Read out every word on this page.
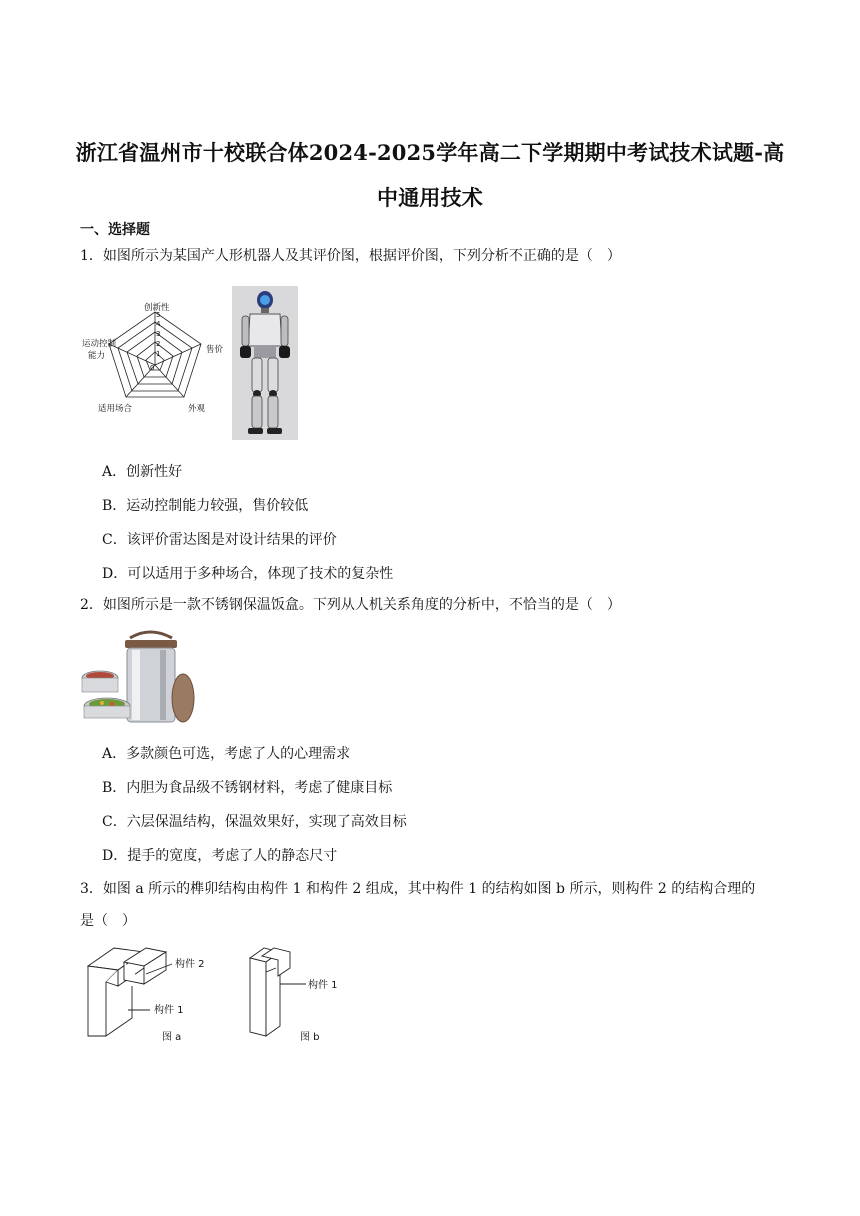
浙江省温州市十校联合体2024-2025学年高二下学期期中考试技术试题-高
中通用技术
一、选择题
1．如图所示为某国产人形机器人及其评价图，根据评价图，下列分析不正确的是（　）
0
1
2
3
4
5
创新性
售价
外观
适用场合
运动控制能力
A．创新性好
B．运动控制能力较强，售价较低
C．该评价雷达图是对设计结果的评价
D．可以适用于多种场合，体现了技术的复杂性
2．如图所示是一款不锈钢保温饭盒。下列从人机关系角度的分析中，不恰当的是（　）
A．多款颜色可选，考虑了人的心理需求
B．内胆为食品级不锈钢材料，考虑了健康目标
C．六层保温结构，保温效果好，实现了高效目标
D．提手的宽度，考虑了人的静态尺寸
3．如图 a 所示的榫卯结构由构件 1 和构件 2 组成，其中构件 1 的结构如图 b 所示，则构件 2 的结构合理的
是（　）
构件 2
构件 1
图 a
构件 1
图 b
